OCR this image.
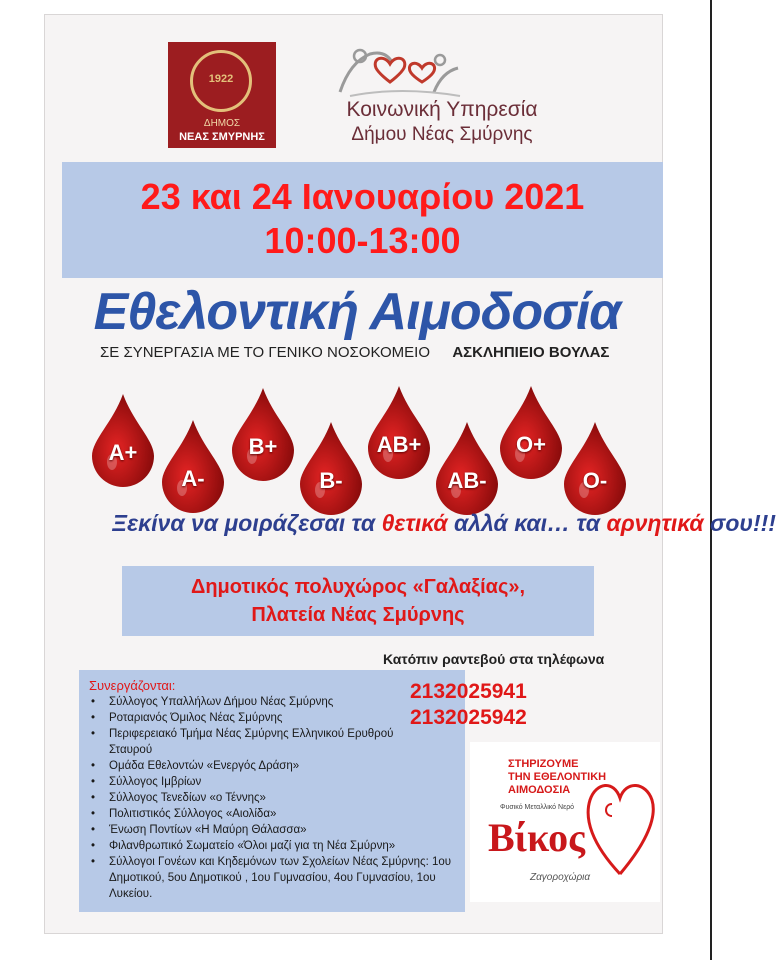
1922
ΔΗΜΟΣ
ΝΕΑΣ ΣΜΥΡΝΗΣ
Κοινωνική Υπηρεσία
Δήμου Νέας Σμύρνης
23 και 24 Ιανουαρίου 2021
10:00-13:00
Εθελοντική Αιμοδοσία
ΣΕ ΣΥΝΕΡΓΑΣΙΑ ΜΕ ΤΟ ΓΕΝΙΚΟ ΝΟΣΟΚΟΜΕΙΟ ΑΣΚΛΗΠΙΕΙΟ ΒΟΥΛΑΣ
A+
A-
B+
B-
AB+
AB-
O+
O-
Ξεκίνα να μοιράζεσαι τα θετικά αλλά και… τα αρνητικά σου!!!
Δημοτικός πολυχώρος «Γαλαξίας»,
Πλατεία Νέας Σμύρνης
Κατόπιν ραντεβού στα τηλέφωνα
Συνεργάζονται:
• Σύλλογος Υπαλλήλων Δήμου Νέας Σμύρνης
• Ροταριανός Όμιλος Νέας Σμύρνης
• Περιφερειακό Τμήμα Νέας Σμύρνης Ελληνικού Ερυθρού Σταυρού
• Ομάδα Εθελοντών «Ενεργός Δράση»
• Σύλλογος Ιμβρίων
• Σύλλογος Τενεδίων «ο Τέννης»
• Πολιτιστικός Σύλλογος «Αιολίδα»
• Ένωση Ποντίων «Η Μαύρη Θάλασσα»
• Φιλανθρωπικό Σωματείο «Όλοι μαζί για τη Νέα Σμύρνη»
• Σύλλογοι Γονέων και Κηδεμόνων των Σχολείων Νέας Σμύρνης: 1ου Δημοτικού, 5ου Δημοτικού , 1ου Γυμνασίου, 4ου Γυμνασίου, 1ου Λυκείου.
2132025941
2132025942
ΣΤΗΡΙΖΟΥΜΕ
ΤΗΝ ΕΘΕΛΟΝΤΙΚΗ
ΑΙΜΟΔΟΣΙΑ
Φυσικό Μεταλλικό Νερό
Βίκος
Ζαγοροχώρια
